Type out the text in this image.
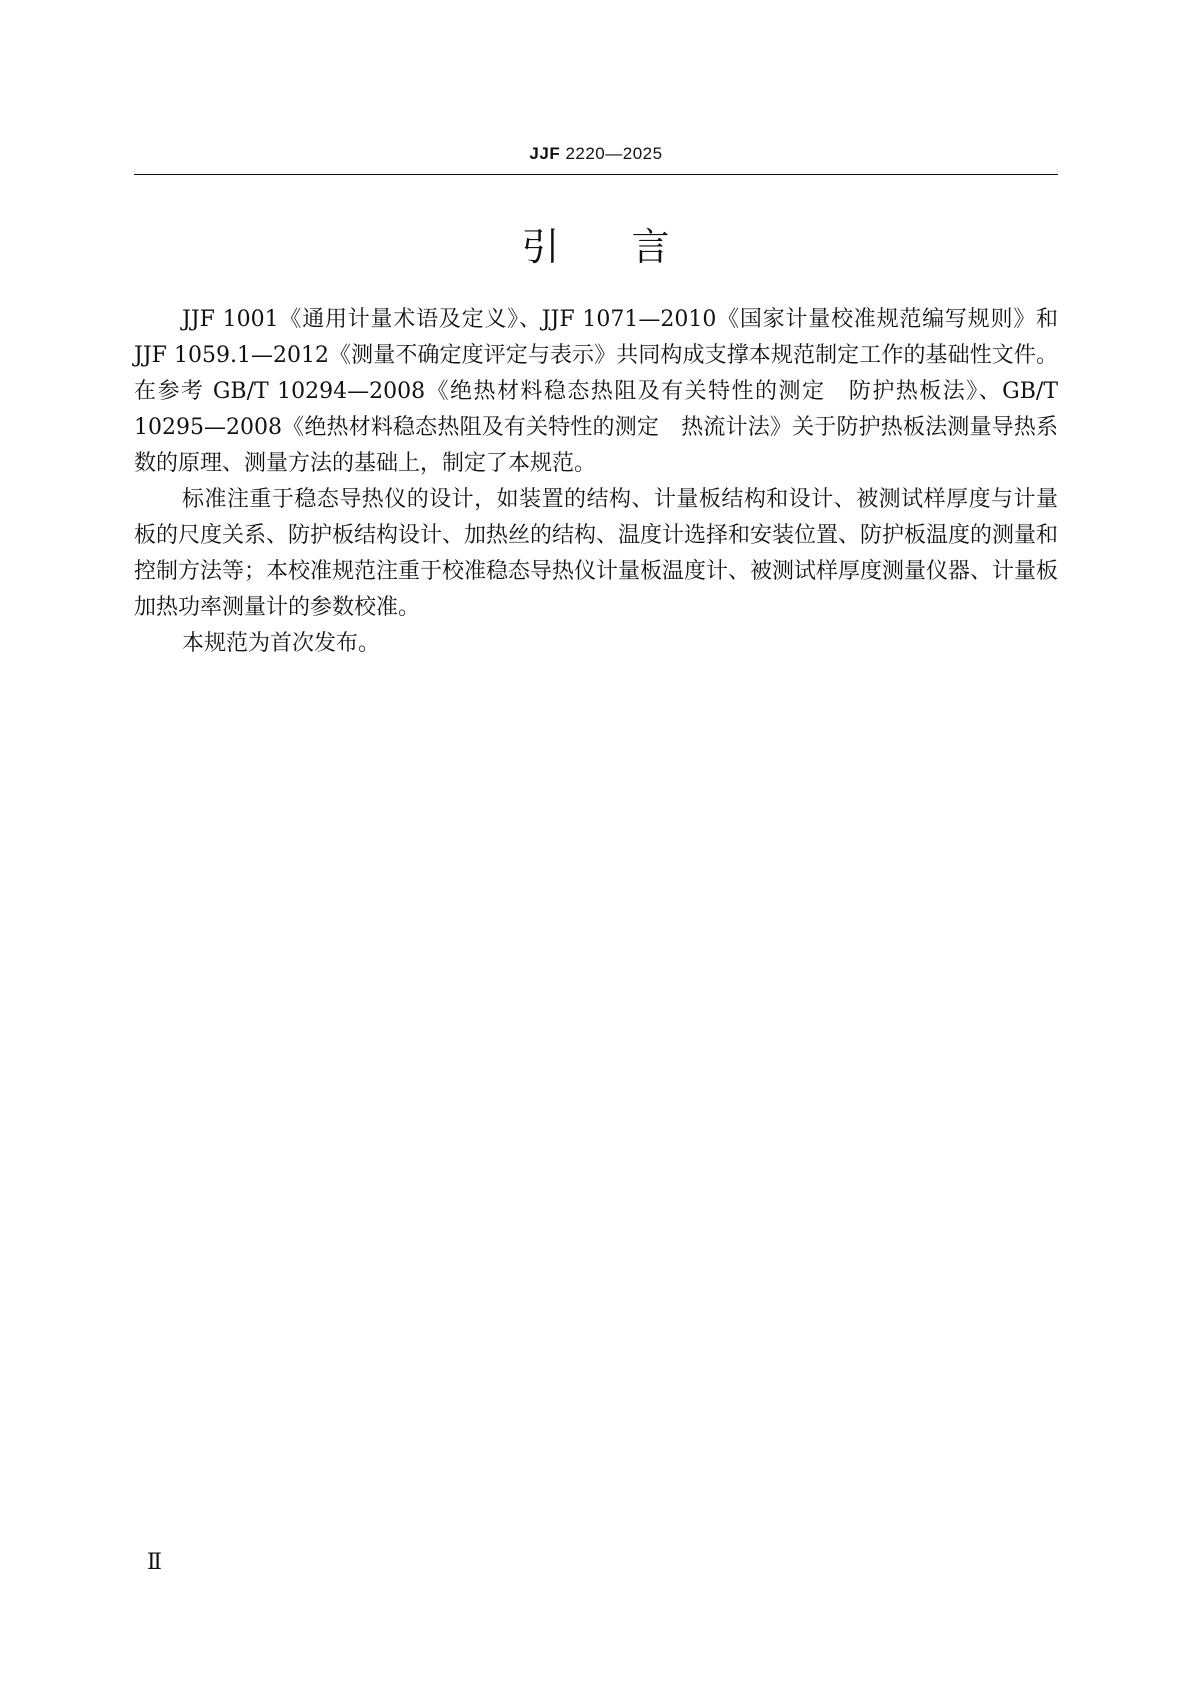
JJF 2220—2025
引言

JJF 1001《通用计量术语及定义》、JJF 1071—2010《国家计量校准规范编写规则》和 JJF 1059.1—2012《测量不确定度评定与表示》共同构成支撑本规范制定工作的基础性文件。在参考 GB/T 10294—2008《绝热材料稳态热阻及有关特性的测定　防护热板法》、GB/T 10295—2008《绝热材料稳态热阻及有关特性的测定　热流计法》关于防护热板法测量导热系数的原理、测量方法的基础上，制定了本规范。

标准注重于稳态导热仪的设计，如装置的结构、计量板结构和设计、被测试样厚度与计量板的尺度关系、防护板结构设计、加热丝的结构、温度计选择和安装位置、防护板温度的测量和控制方法等；本校准规范注重于校准稳态导热仪计量板温度计、被测试样厚度测量仪器、计量板加热功率测量计的参数校准。

本规范为首次发布。

Ⅱ
